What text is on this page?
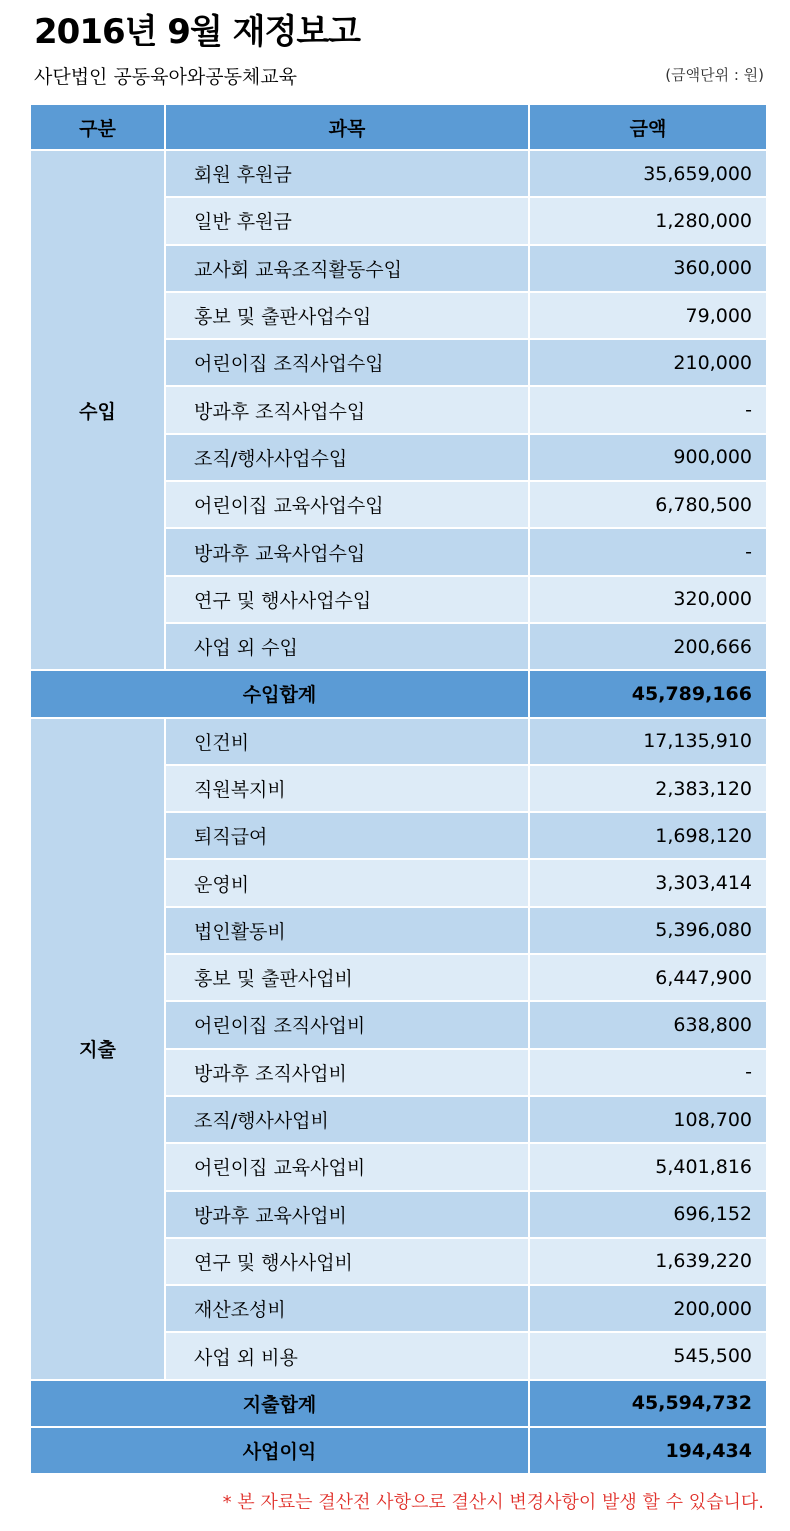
2016년 9월 재정보고
사단법인 공동육아와공동체교육	(금액단위 : 원)
구분	과목	금액
수입	회원 후원금	35,659,000
	일반 후원금	1,280,000
	교사회 교육조직활동수입	360,000
	홍보 및 출판사업수입	79,000
	어린이집 조직사업수입	210,000
	방과후 조직사업수입	-
	조직/행사사업수입	900,000
	어린이집 교육사업수입	6,780,500
	방과후 교육사업수입	-
	연구 및 행사사업수입	320,000
	사업 외 수입	200,666
수입합계		45,789,166
지출	인건비	17,135,910
	직원복지비	2,383,120
	퇴직급여	1,698,120
	운영비	3,303,414
	법인활동비	5,396,080
	홍보 및 출판사업비	6,447,900
	어린이집 조직사업비	638,800
	방과후 조직사업비	-
	조직/행사사업비	108,700
	어린이집 교육사업비	5,401,816
	방과후 교육사업비	696,152
	연구 및 행사사업비	1,639,220
	재산조성비	200,000
	사업 외 비용	545,500
지출합계		45,594,732
사업이익		194,434
* 본 자료는 결산전 사항으로 결산시 변경사항이 발생 할 수 있습니다.
